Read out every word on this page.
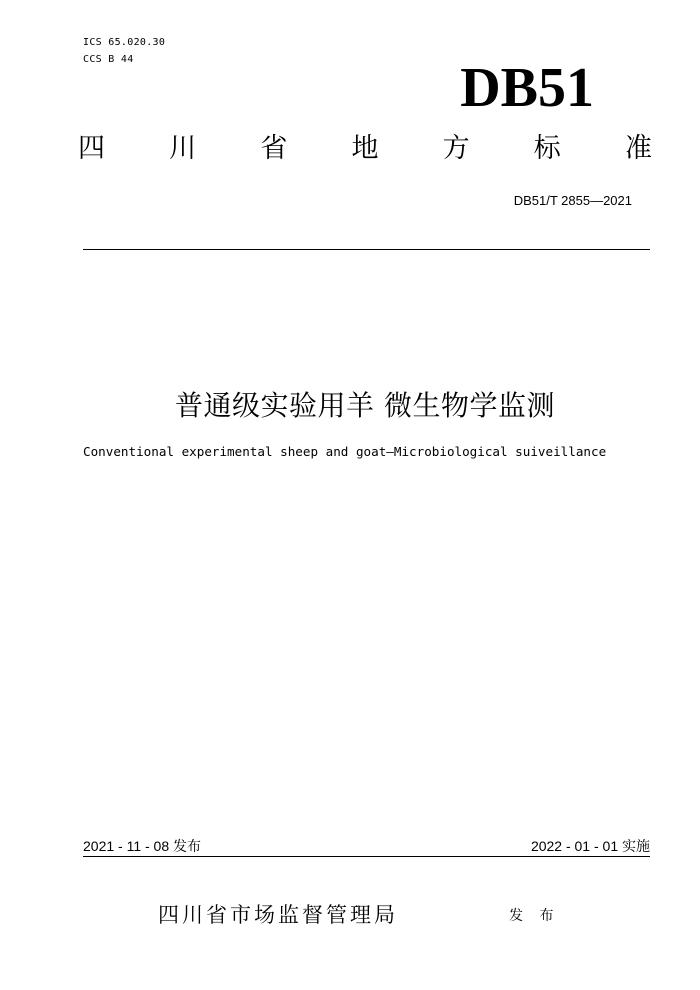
ICS 65.020.30
CCS B 44	DB51
四 川 省 地 方 标 准
DB51/T 2855—2021
普通级实验用羊 微生物学监测
Conventional experimental sheep and goat—Microbiological suiveillance
2021 - 11 - 08 发布	2022 - 01 - 01 实施
四川省市场监督管理局	发 布
